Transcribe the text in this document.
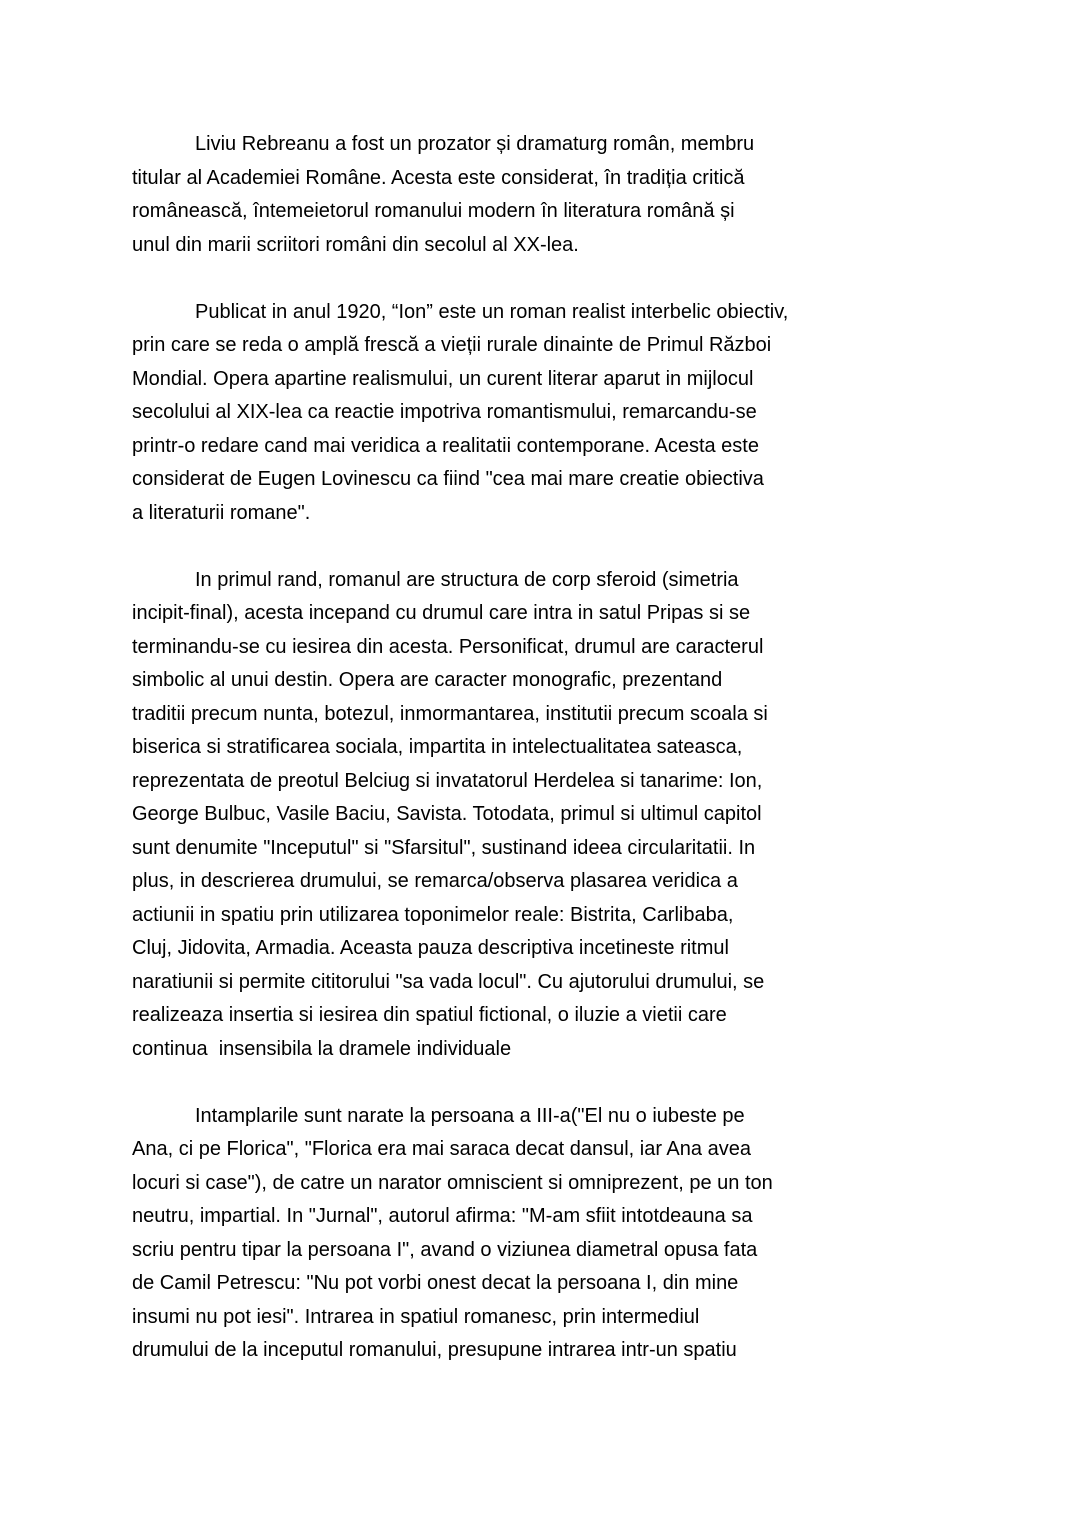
Liviu Rebreanu a fost un prozator și dramaturg român, membru
titular al Academiei Române. Acesta este considerat, în tradiția critică
românească, întemeietorul romanului modern în literatura română și
unul din marii scriitori români din secolul al XX-lea.
Publicat in anul 1920, “Ion” este un roman realist interbelic obiectiv,
prin care se reda o amplă frescă a vieții rurale dinainte de Primul Război
Mondial. Opera apartine realismului, un curent literar aparut in mijlocul
secolului al XIX-lea ca reactie impotriva romantismului, remarcandu-se
printr-o redare cand mai veridica a realitatii contemporane. Acesta este
considerat de Eugen Lovinescu ca fiind "cea mai mare creatie obiectiva
a literaturii romane".
In primul rand, romanul are structura de corp sferoid (simetria
incipit-final), acesta incepand cu drumul care intra in satul Pripas si se
terminandu-se cu iesirea din acesta. Personificat, drumul are caracterul
simbolic al unui destin. Opera are caracter monografic, prezentand
traditii precum nunta, botezul, inmormantarea, institutii precum scoala si
biserica si stratificarea sociala, impartita in intelectualitatea sateasca,
reprezentata de preotul Belciug si invatatorul Herdelea si tanarime: Ion,
George Bulbuc, Vasile Baciu, Savista. Totodata, primul si ultimul capitol
sunt denumite "Inceputul" si "Sfarsitul", sustinand ideea circularitatii. In
plus, in descrierea drumului, se remarca/observa plasarea veridica a
actiunii in spatiu prin utilizarea toponimelor reale: Bistrita, Carlibaba,
Cluj, Jidovita, Armadia. Aceasta pauza descriptiva incetineste ritmul
naratiunii si permite cititorului "sa vada locul". Cu ajutorului drumului, se
realizeaza insertia si iesirea din spatiul fictional, o iluzie a vietii care
continua  insensibila la dramele individuale
Intamplarile sunt narate la persoana a III-a("El nu o iubeste pe
Ana, ci pe Florica", "Florica era mai saraca decat dansul, iar Ana avea
locuri si case"), de catre un narator omniscient si omniprezent, pe un ton
neutru, impartial. In "Jurnal", autorul afirma: "M-am sfiit intotdeauna sa
scriu pentru tipar la persoana I", avand o viziunea diametral opusa fata
de Camil Petrescu: "Nu pot vorbi onest decat la persoana I, din mine
insumi nu pot iesi". Intrarea in spatiul romanesc, prin intermediul
drumului de la inceputul romanului, presupune intrarea intr-un spatiu
